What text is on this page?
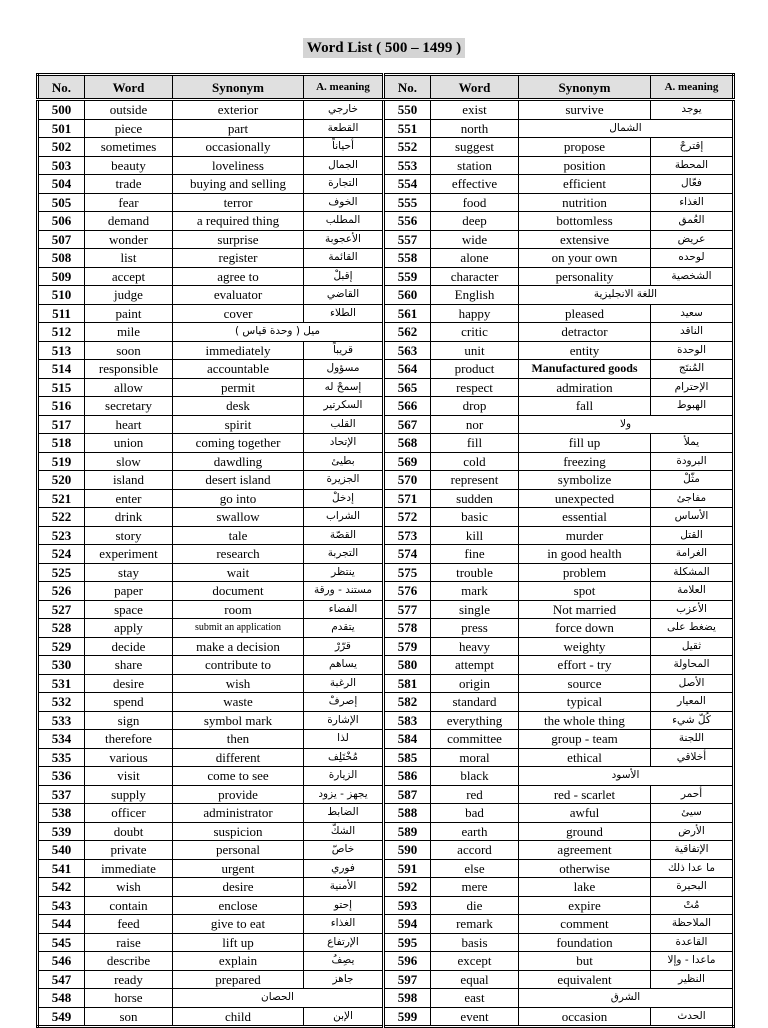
Word List ( 500 – 1499 )
No.	Word	Synonym	A. meaning	No.	Word	Synonym	A. meaning
500	outside	exterior	خارجي	550	exist	survive	يوجد
501	piece	part	القطعة	551	north	الشمال	
502	sometimes	occasionally	أحياناً	552	suggest	propose	إقترحْ
503	beauty	loveliness	الجمال	553	station	position	المحطة
504	trade	buying and selling	التجارة	554	effective	efficient	فعّال
505	fear	terror	الخوف	555	food	nutrition	الغذاء
506	demand	a required thing	المطلب	556	deep	bottomless	العُمق
507	wonder	surprise	الأعجوبة	557	wide	extensive	عريض
508	list	register	القائمة	558	alone	on your own	لوحده
509	accept	agree to	إقبلْ	559	character	personality	الشخصية
510	judge	evaluator	القاضي	560	English	اللغة الانجليزية	
511	paint	cover	الطلاء	561	happy	pleased	سعيد
512	mile	ميل ( وحدة قياس )		562	critic	detractor	الناقد
513	soon	immediately	قريباً	563	unit	entity	الوحدة
514	responsible	accountable	مسؤول	564	product	Manufactured goods	المُنتَج
515	allow	permit	إسمحْ له	565	respect	admiration	الإحترام
516	secretary	desk	السكرتير	566	drop	fall	الهبوط
517	heart	spirit	القلب	567	nor	ولا	
518	union	coming together	الإتحاد	568	fill	fill up	يملأ
519	slow	dawdling	بطيئ	569	cold	freezing	البرودة
520	island	desert island	الجزيرة	570	represent	symbolize	مثّلْ
521	enter	go into	إدخلْ	571	sudden	unexpected	مفاجئ
522	drink	swallow	الشراب	572	basic	essential	الأساس
523	story	tale	القصّة	573	kill	murder	القتل
524	experiment	research	التجربة	574	fine	in good health	الغرامة
525	stay	wait	ينتظر	575	trouble	problem	المشكلة
526	paper	document	مستند - ورقة	576	mark	spot	العلامة
527	space	room	الفضاء	577	single	Not married	الأعزب
528	apply	submit an application	يتقدم	578	press	force down	يضغط على
529	decide	make a decision	قرّرْ	579	heavy	weighty	ثقيل
530	share	contribute to	يساهم	580	attempt	effort - try	المحاولة
531	desire	wish	الرغبة	581	origin	source	الأصل
532	spend	waste	إصرفْ	582	standard	typical	المعيار
533	sign	symbol mark	الإشارة	583	everything	the whole thing	كُلّ شيء
534	therefore	then	لذا	584	committee	group - team	اللجنة
535	various	different	مُخْتَلِف	585	moral	ethical	أخلاقي
536	visit	come to see	الزيارة	586	black	الأسود	
537	supply	provide	يجهز - يزود	587	red	red - scarlet	أحمر
538	officer	administrator	الضابط	588	bad	awful	سيئ
539	doubt	suspicion	الشكّ	589	earth	ground	الأرض
540	private	personal	خاصّ	590	accord	agreement	الإتفاقية
541	immediate	urgent	فوري	591	else	otherwise	ما عدا ذلك
542	wish	desire	الأمنية	592	mere	lake	البحيرة
543	contain	enclose	إحتو	593	die	expire	مُتْ
544	feed	give to eat	الغذاء	594	remark	comment	الملاحظة
545	raise	lift up	الإرتفاع	595	basis	foundation	القاعدة
546	describe	explain	يصِفُ	596	except	but	ماعدا - وإلا
547	ready	prepared	جاهز	597	equal	equivalent	النظير
548	horse	الحصان		598	east	الشرق	
549	son	child	الإبن	599	event	occasion	الحدث
